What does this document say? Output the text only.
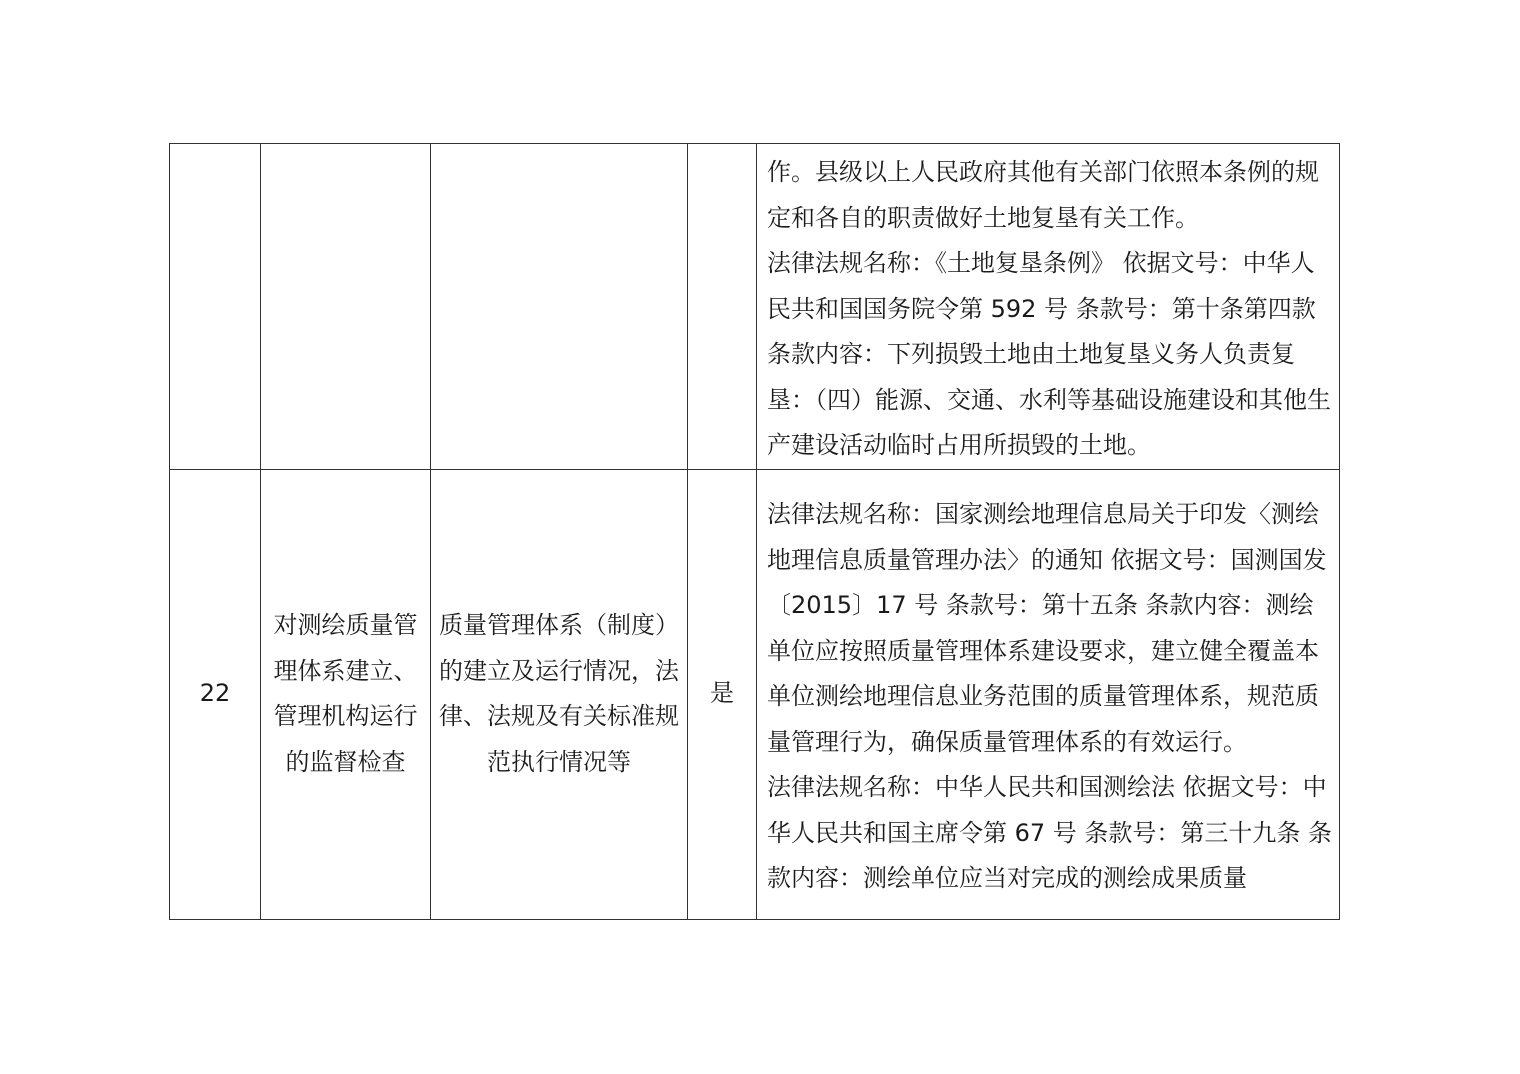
				作。县级以上人民政府其他有关部门依照本条例的规定和各自的职责做好土地复垦有关工作。
法律法规名称：《土地复垦条例》 依据文号：中华人民共和国国务院令第 592 号 条款号：第十条第四款 条款内容：下列损毁土地由土地复垦义务人负责复垦：（四）能源、交通、水利等基础设施建设和其他生产建设活动临时占用所损毁的土地。

22	对测绘质量管理体系建立、管理机构运行的监督检查	质量管理体系（制度）的建立及运行情况，法律、法规及有关标准规范执行情况等	是	法律法规名称：国家测绘地理信息局关于印发〈测绘地理信息质量管理办法〉的通知 依据文号：国测国发〔2015〕17 号 条款号：第十五条 条款内容：测绘单位应按照质量管理体系建设要求，建立健全覆盖本单位测绘地理信息业务范围的质量管理体系，规范质量管理行为，确保质量管理体系的有效运行。
法律法规名称：中华人民共和国测绘法 依据文号：中华人民共和国主席令第 67 号 条款号：第三十九条 条款内容：测绘单位应当对完成的测绘成果质量
